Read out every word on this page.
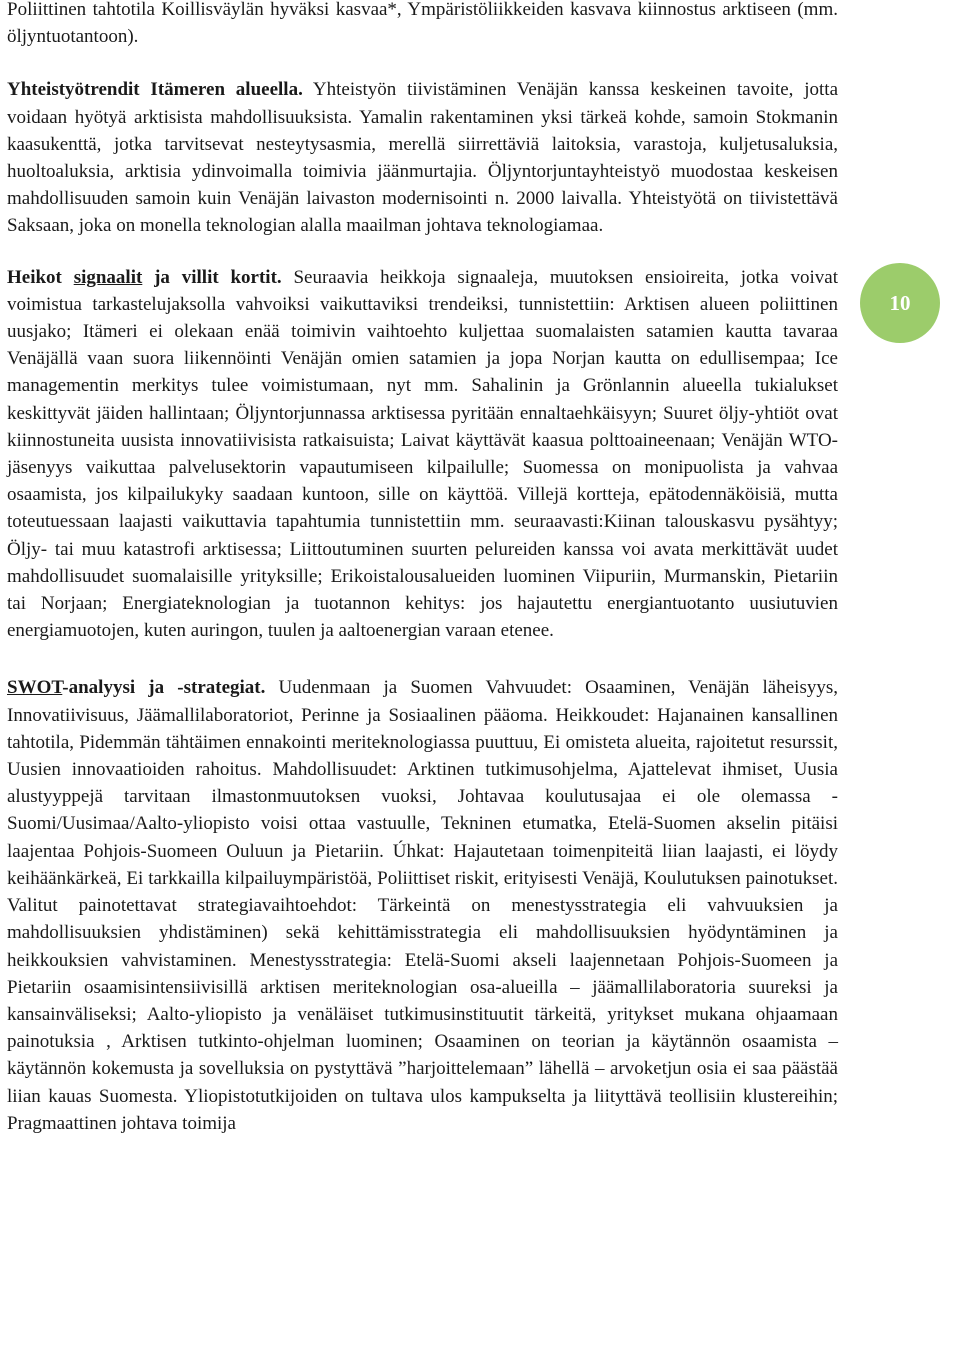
Poliittinen tahtotila Koillisväylän hyväksi kasvaa*, Ympäristöliikkeiden kasvava kiinnostus arktiseen (mm. öljyntuotantoon).

Yhteistyötrendit Itämeren alueella. Yhteistyön tiivistäminen Venäjän kanssa keskeinen tavoite, jotta voidaan hyötyä arktisista mahdollisuuksista. Yamalin rakentaminen yksi tärkeä kohde, samoin Stokmanin kaasukenttä, jotka tarvitsevat nesteytysasmia, merellä siirrettäviä laitoksia, varastoja, kuljetusaluksia, huoltoaluksia, arktisia ydinvoimalla toimivia jäänmurtajia. Öljyntorjuntayhteistyö muodostaa keskeisen mahdollisuuden samoin kuin Venäjän laivaston modernisointi n. 2000 laivalla. Yhteistyötä on tiivistettävä Saksaan, joka on monella teknologian alalla maailman johtava teknologiamaa.

Heikot signaalit ja villit kortit. Seuraavia heikkoja signaaleja, muutoksen ensioireita, jotka voivat voimistua tarkastelujaksolla vahvoiksi vaikuttaviksi trendeiksi, tunnistettiin: Arktisen alueen poliittinen uusjako; Itämeri ei olekaan enää toimivin vaihtoehto kuljettaa suomalaisten satamien kautta tavaraa Venäjällä vaan suora liikennöinti Venäjän omien satamien ja jopa Norjan kautta on edullisempaa; Ice managementin merkitys tulee voimistumaan, nyt mm. Sahalinin ja Grönlannin alueella tukialukset keskittyvät jäiden hallintaan; Öljyntorjunnassa arktisessa pyritään ennaltaehkäisyyn; Suuret öljy-yhtiöt ovat kiinnostuneita uusista innovatiivisista ratkaisuista; Laivat käyttävät kaasua polttoaineenaan; Venäjän WTO-jäsenyys vaikuttaa palvelusektorin vapautumiseen kilpailulle; Suomessa on monipuolista ja vahvaa osaamista, jos kilpailukyky saadaan kuntoon, sille on käyttöä. Villejä kortteja, epätodennäköisiä, mutta toteutuessaan laajasti vaikuttavia tapahtumia tunnistettiin mm. seuraavasti:Kiinan talouskasvu pysähtyy; Öljy- tai muu katastrofi arktisessa; Liittoutuminen suurten pelureiden kanssa voi avata merkittävät uudet mahdollisuudet suomalaisille yrityksille; Erikoistalousalueiden luominen Viipuriin, Murmanskin, Pietariin tai Norjaan; Energiateknologian ja tuotannon kehitys: jos hajautettu energiantuotanto uusiutuvien energiamuotojen, kuten auringon, tuulen ja aaltoenergian varaan etenee.

SWOT-analyysi ja -strategiat. Uudenmaan ja Suomen Vahvuudet: Osaaminen, Venäjän läheisyys, Innovatiivisuus, Jäämallilaboratoriot, Perinne ja Sosiaalinen pääoma. Heikkoudet: Hajanainen kansallinen tahtotila, Pidemmän tähtäimen ennakointi meriteknologiassa puuttuu, Ei omisteta alueita, rajoitetut resurssit, Uusien innovaatioiden rahoitus. Mahdollisuudet: Arktinen tutkimusohjelma, Ajattelevat ihmiset, Uusia alustyyppejä tarvitaan ilmastonmuutoksen vuoksi, Johtavaa koulutusajaa ei ole olemassa - Suomi/Uusimaa/Aalto-yliopisto voisi ottaa vastuulle, Tekninen etumatka, Etelä-Suomen akselin pitäisi laajentaa Pohjois-Suomeen Ouluun ja Pietariin. Úhkat: Hajautetaan toimenpiteitä liian laajasti, ei löydy keihäänkärkeä, Ei tarkkailla kilpailuympäristöä, Poliittiset riskit, erityisesti Venäjä, Koulutuksen painotukset. Valitut painotettavat strategiavaihtoehdot: Tärkeintä on menestysstrategia eli vahvuuksien ja mahdollisuuksien yhdistäminen) sekä kehittämisstrategia eli mahdollisuuksien hyödyntäminen ja heikkouksien vahvistaminen. Menestysstrategia: Etelä-Suomi akseli laajennetaan Pohjois-Suomeen ja Pietariin osaamisintensiivisillä arktisen meriteknologian osa-alueilla – jäämallilaboratoria suureksi ja kansainväliseksi; Aalto-yliopisto ja venäläiset tutkimusinstituutit tärkeitä, yritykset mukana ohjaamaan painotuksia , Arktisen tutkinto-ohjelman luominen; Osaaminen on teorian ja käytännön osaamista – käytännön kokemusta ja sovelluksia on pystyttävä ”harjoittelemaan” lähellä – arvoketjun osia ei saa päästää liian kauas Suomesta. Yliopistotutkijoiden on tultava ulos kampukselta ja liityttävä teollisiin klustereihin; Pragmaattinen johtava toimija

10
